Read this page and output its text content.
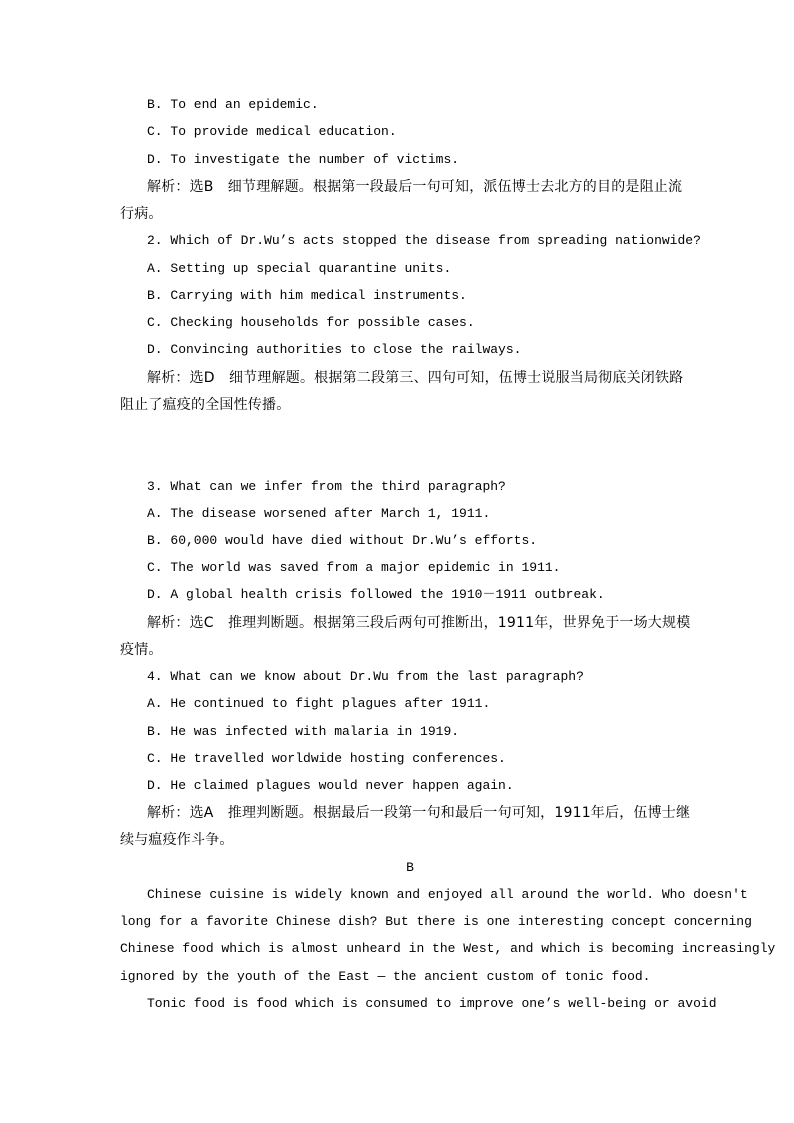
B. To end an epidemic.
C. To provide medical education.
D. To investigate the number of victims.
解析：选B　细节理解题。根据第一段最后一句可知，派伍博士去北方的目的是阻止流
行病。
2. Which of Dr.Wu’s acts stopped the disease from spreading nationwide?
A. Setting up special quarantine units.
B. Carrying with him medical instruments.
C. Checking households for possible cases.
D. Convincing authorities to close the railways.
解析：选D　细节理解题。根据第二段第三、四句可知，伍博士说服当局彻底关闭铁路
阻止了瘟疫的全国性传播。
3. What can we infer from the third paragraph?
A. The disease worsened after March 1, 1911.
B. 60,000 would have died without Dr.Wu’s efforts.
C. The world was saved from a major epidemic in 1911.
D. A global health crisis followed the 1910－1911 outbreak.
解析：选C　推理判断题。根据第三段后两句可推断出，1911年，世界免于一场大规模
疫情。
4. What can we know about Dr.Wu from the last paragraph?
A. He continued to fight plagues after 1911.
B. He was infected with malaria in 1919.
C. He travelled worldwide hosting conferences.
D. He claimed plagues would never happen again.
解析：选A　推理判断题。根据最后一段第一句和最后一句可知，1911年后，伍博士继
续与瘟疫作斗争。
B
Chinese cuisine is widely known and enjoyed all around the world. Who doesn't
long for a favorite Chinese dish? But there is one interesting concept concerning
Chinese food which is almost unheard in the West, and which is becoming increasingly
ignored by the youth of the East — the ancient custom of tonic food.
Tonic food is food which is consumed to improve one’s well-being or avoid
